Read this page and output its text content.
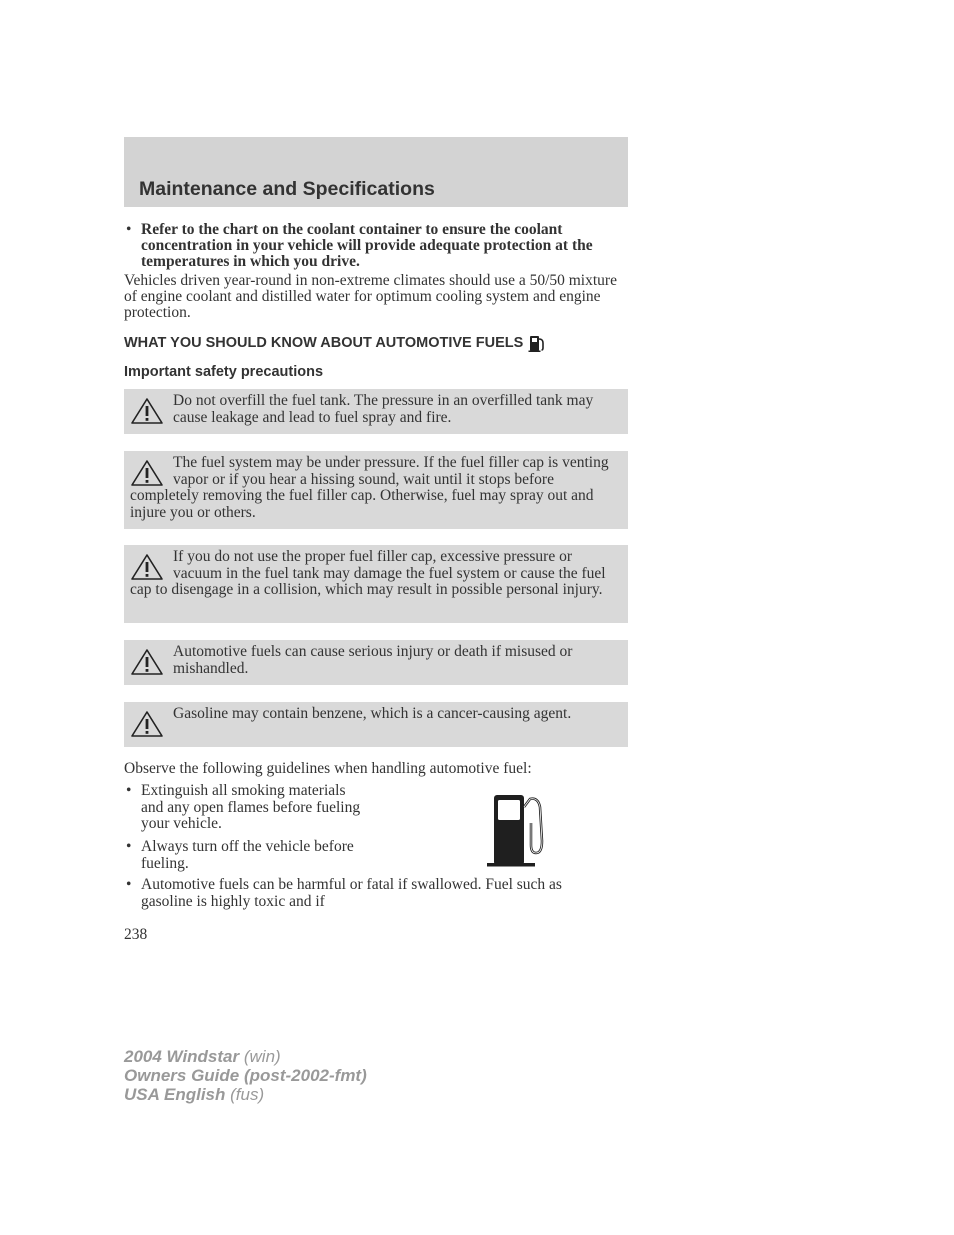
Maintenance and Specifications
• Refer to the chart on the coolant container to ensure the coolant concentration in your vehicle will provide adequate protection at the temperatures in which you drive.
Vehicles driven year-round in non-extreme climates should use a 50/50 mixture of engine coolant and distilled water for optimum cooling system and engine protection.
WHAT YOU SHOULD KNOW ABOUT AUTOMOTIVE FUELS
Important safety precautions
Do not overfill the fuel tank. The pressure in an overfilled tank may cause leakage and lead to fuel spray and fire.
The fuel system may be under pressure. If the fuel filler cap is venting vapor or if you hear a hissing sound, wait until it stops before completely removing the fuel filler cap. Otherwise, fuel may spray out and injure you or others.
If you do not use the proper fuel filler cap, excessive pressure or vacuum in the fuel tank may damage the fuel system or cause the fuel cap to disengage in a collision, which may result in possible personal injury.
Automotive fuels can cause serious injury or death if misused or mishandled.
Gasoline may contain benzene, which is a cancer-causing agent.
Observe the following guidelines when handling automotive fuel:
• Extinguish all smoking materials and any open flames before fueling your vehicle.
• Always turn off the vehicle before fueling.
• Automotive fuels can be harmful or fatal if swallowed. Fuel such as gasoline is highly toxic and if
238
2004 Windstar (win)
Owners Guide (post-2002-fmt)
USA English (fus)
